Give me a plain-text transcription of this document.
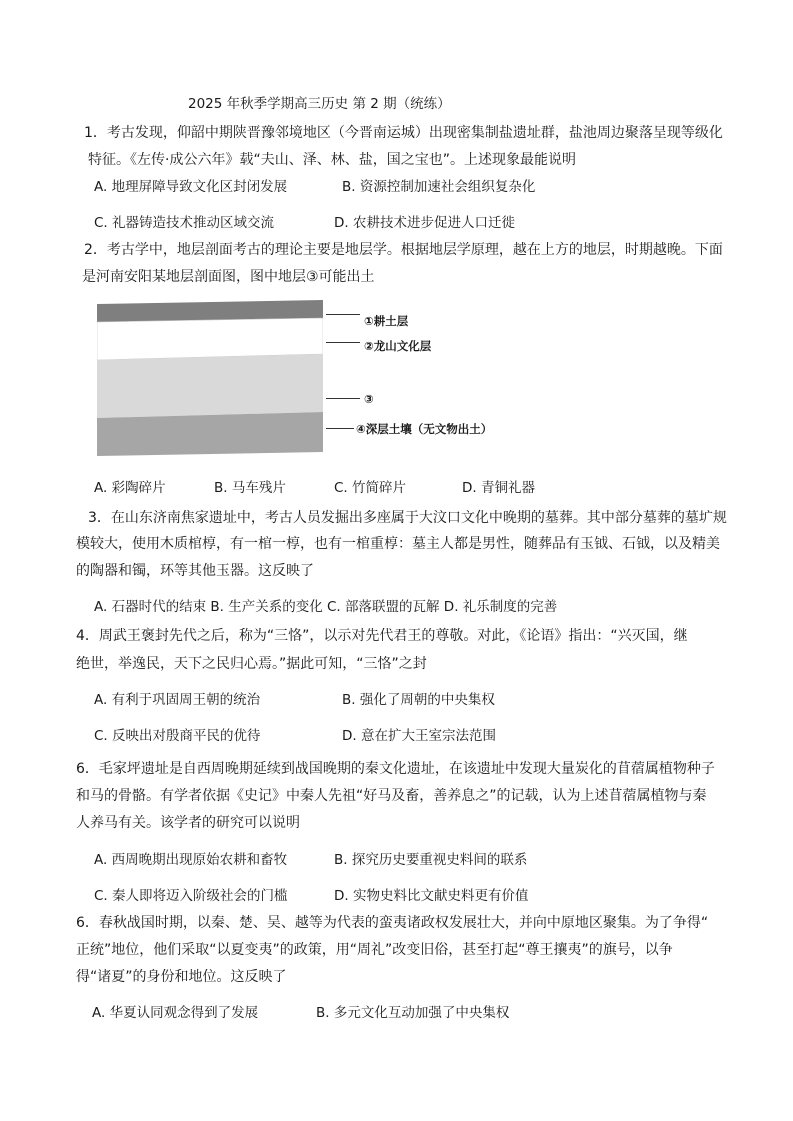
2025 年秋季学期高三历史 第 2 期（统练）
1．考古发现，仰韶中期陕晋豫邻境地区（今晋南运城）出现密集制盐遗址群，盐池周边聚落呈现等级化
特征。《左传·成公六年》载“夫山、泽、林、盐，国之宝也”。上述现象最能说明
A. 地理屏障导致文化区封闭发展	B. 资源控制加速社会组织复杂化
C. 礼器铸造技术推动区域交流	D. 农耕技术进步促进人口迁徙
2．考古学中，地层剖面考古的理论主要是地层学。根据地层学原理，越在上方的地层，时期越晚。下面
是河南安阳某地层剖面图，图中地层③可能出土
①耕土层
②龙山文化层
③
④深层土壤（无文物出土）
A. 彩陶碎片	B. 马车残片	C. 竹简碎片	D. 青铜礼器
3．在山东济南焦家遗址中，考古人员发掘出多座属于大汶口文化中晚期的墓葬。其中部分墓葬的墓圹规
模较大，使用木质棺椁，有一棺一椁，也有一棺重椁：墓主人都是男性，随葬品有玉钺、石钺，以及精美
的陶器和镯，环等其他玉器。这反映了
A. 石器时代的结束 B. 生产关系的变化 C. 部落联盟的瓦解 D. 礼乐制度的完善
4．周武王褒封先代之后，称为“三恪”，以示对先代君王的尊敬。对此，《论语》指出：“兴灭国，继
绝世，举逸民，天下之民归心焉。”据此可知，“三恪”之封
A. 有利于巩固周王朝的统治	B. 强化了周朝的中央集权
C. 反映出对殷商平民的优待	D. 意在扩大王室宗法范围
6．毛家坪遗址是自西周晚期延续到战国晚期的秦文化遗址，在该遗址中发现大量炭化的苜蓿属植物种子
和马的骨骼。有学者依据《史记》中秦人先祖“好马及畜，善养息之”的记载，认为上述苜蓿属植物与秦
人养马有关。该学者的研究可以说明
A. 西周晚期出现原始农耕和畜牧	B. 探究历史要重视史料间的联系
C. 秦人即将迈入阶级社会的门槛	D. 实物史料比文献史料更有价值
6．春秋战国时期，以秦、楚、吴、越等为代表的蛮夷诸政权发展壮大，并向中原地区聚集。为了争得“
正统”地位，他们采取“以夏变夷”的政策，用“周礼”改变旧俗，甚至打起“尊王攘夷”的旗号，以争
得“诸夏”的身份和地位。这反映了
A. 华夏认同观念得到了发展	B. 多元文化互动加强了中央集权
